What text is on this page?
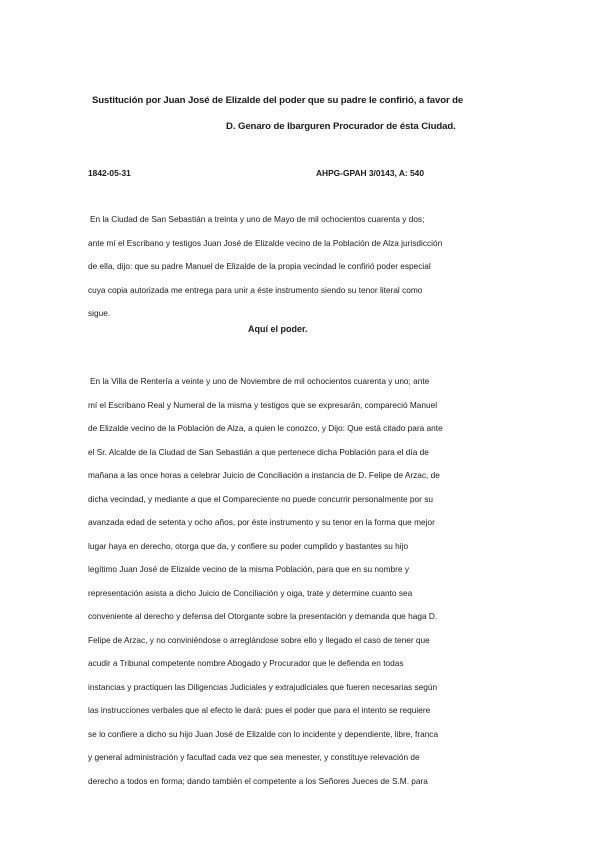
Sustitución por Juan José de Elizalde del poder que su padre le confirió, a favor de
D. Genaro de Ibarguren Procurador de ésta Ciudad.
1842-05-31	AHPG-GPAH 3/0143, A: 540
En la Ciudad de San Sebastián a treinta y uno de Mayo de mil ochocientos cuarenta y dos;
ante mí el Escribano y testigos Juan José de Elizalde vecino de la Población de Alza jurisdicción
de ella, dijo: que su padre Manuel de Elizalde de la propia vecindad le confirió poder especial
cuya copia autorizada me entrega para unir a éste instrumento siendo su tenor literal como
sigue.
Aquí el poder.
En la Villa de Rentería a veinte y uno de Noviembre de mil ochocientos cuarenta y uno; ante
mí el Escribano Real y Numeral de la misma y testigos que se expresarán, compareció Manuel
de Elizalde vecino de la Población de Alza, a quien le conozco, y Dijo: Que está citado para ante
el Sr. Alcalde de la Ciudad de San Sebastián a que pertenece dicha Población para el día de
mañana a las once horas a celebrar Juicio de Conciliación a instancia de D. Felipe de Arzac, de
dicha vecindad, y mediante a que el Compareciente no puede concurrir personalmente por su
avanzada edad de setenta y ocho años, por éste instrumento y su tenor en la forma que mejor
lugar haya en derecho, otorga que da, y confiere su poder cumplido y bastantes su hijo
legítimo Juan José de Elizalde vecino de la misma Población, para que en su nombre y
representación asista a dicho Juicio de Conciliación y oiga, trate y determine cuanto sea
conveniente al derecho y defensa del Otorgante sobre la presentación y demanda que haga D.
Felipe de Arzac, y no conviniéndose o arreglándose sobre ello y llegado el caso de tener que
acudir a Tribunal competente nombre Abogado y Procurador que le defienda en todas
instancias y practiquen las Diligencias Judiciales y extrajudiciales que fueren necesarias según
las instrucciones verbales que al efecto le dará: pues el poder que para el intento se requiere
se lo confiere a dicho su hijo Juan José de Elizalde con lo incidente y dependiente, libre, franca
y general administración y facultad cada vez que sea menester, y constituye relevación de
derecho a todos en forma; dando también el competente a los Señores Jueces de S.M. para
